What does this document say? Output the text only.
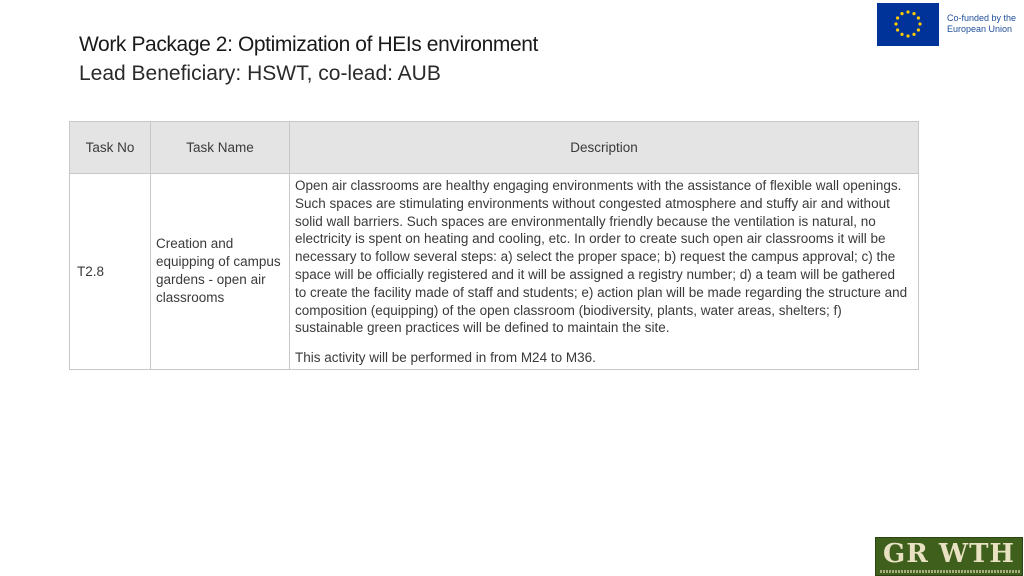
Work Package 2: Optimization of HEIs environment
Lead Beneficiary: HSWT, co-lead: AUB
Co-funded by the
European Union
Task No	Task Name	Description
T2.8	Creation and equipping of campus gardens - open air classrooms	Open air classrooms are healthy engaging environments with the assistance of flexible wall openings. Such spaces are stimulating environments without congested atmosphere and stuffy air and without solid wall barriers. Such spaces are environmentally friendly because the ventilation is natural, no electricity is spent on heating and cooling, etc. In order to create such open air classrooms it will be necessary to follow several steps: a) select the proper space; b) request the campus approval; c) the space will be officially registered and it will be assigned a registry number; d) a team will be gathered to create the facility made of staff and students; e) action plan will be made regarding the structure and composition (equipping) of the open classroom (biodiversity, plants, water areas, shelters; f) sustainable green practices will be defined to maintain the site.

This activity will be performed in from M24 to M36.

GR WTH
